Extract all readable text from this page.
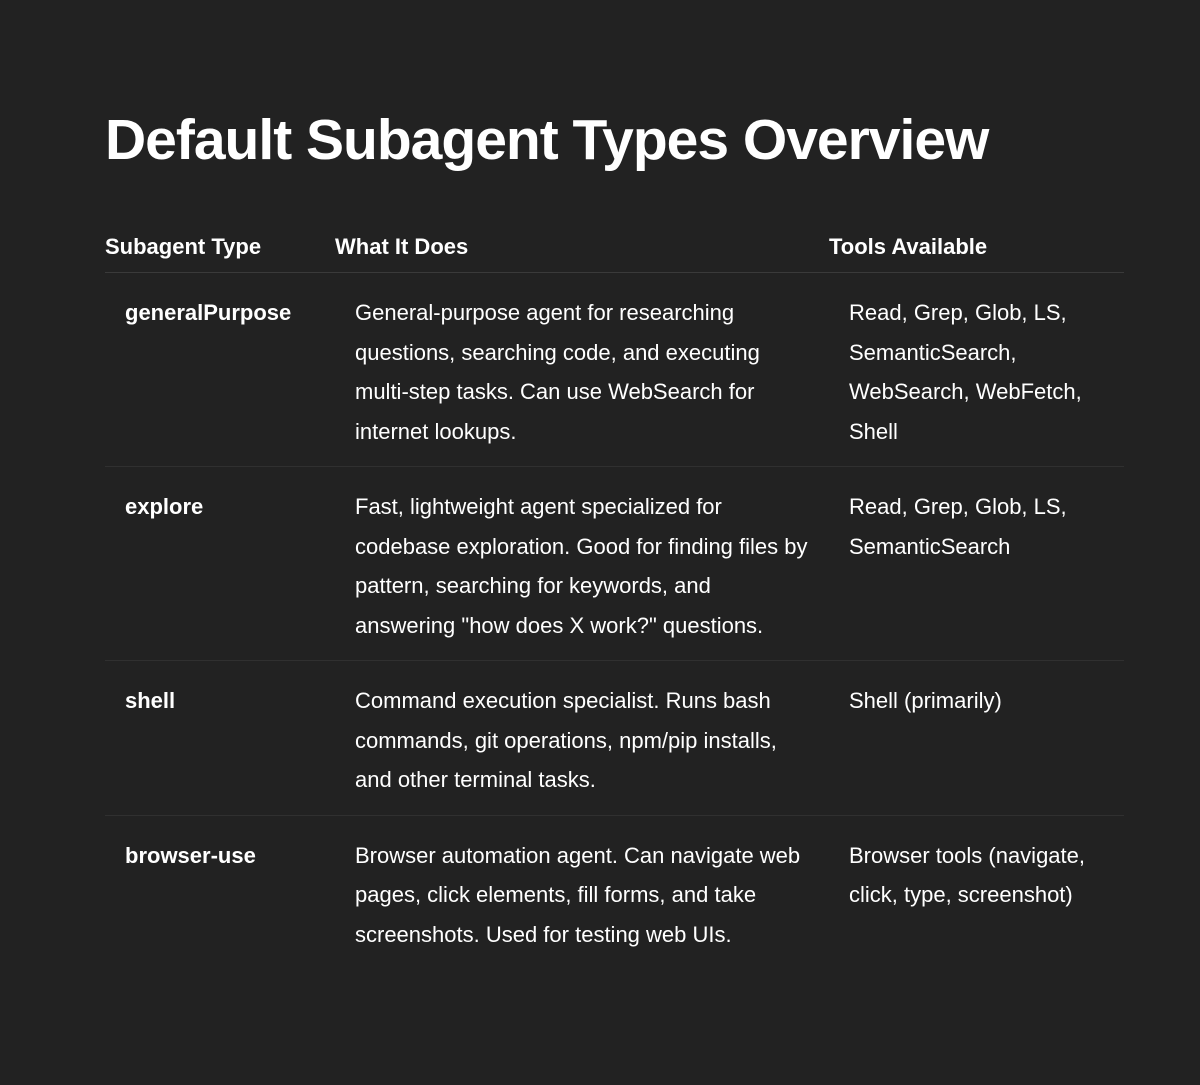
Default Subagent Types Overview
Subagent Type	What It Does	Tools Available
generalPurpose	General-purpose agent for researching questions, searching code, and executing multi-step tasks. Can use WebSearch for internet lookups.	Read, Grep, Glob, LS, SemanticSearch, WebSearch, WebFetch, Shell
explore	Fast, lightweight agent specialized for codebase exploration. Good for finding files by pattern, searching for keywords, and answering "how does X work?" questions.	Read, Grep, Glob, LS, SemanticSearch
shell	Command execution specialist. Runs bash commands, git operations, npm/pip installs, and other terminal tasks.	Shell (primarily)
browser-use	Browser automation agent. Can navigate web pages, click elements, fill forms, and take screenshots. Used for testing web UIs.	Browser tools (navigate, click, type, screenshot)
